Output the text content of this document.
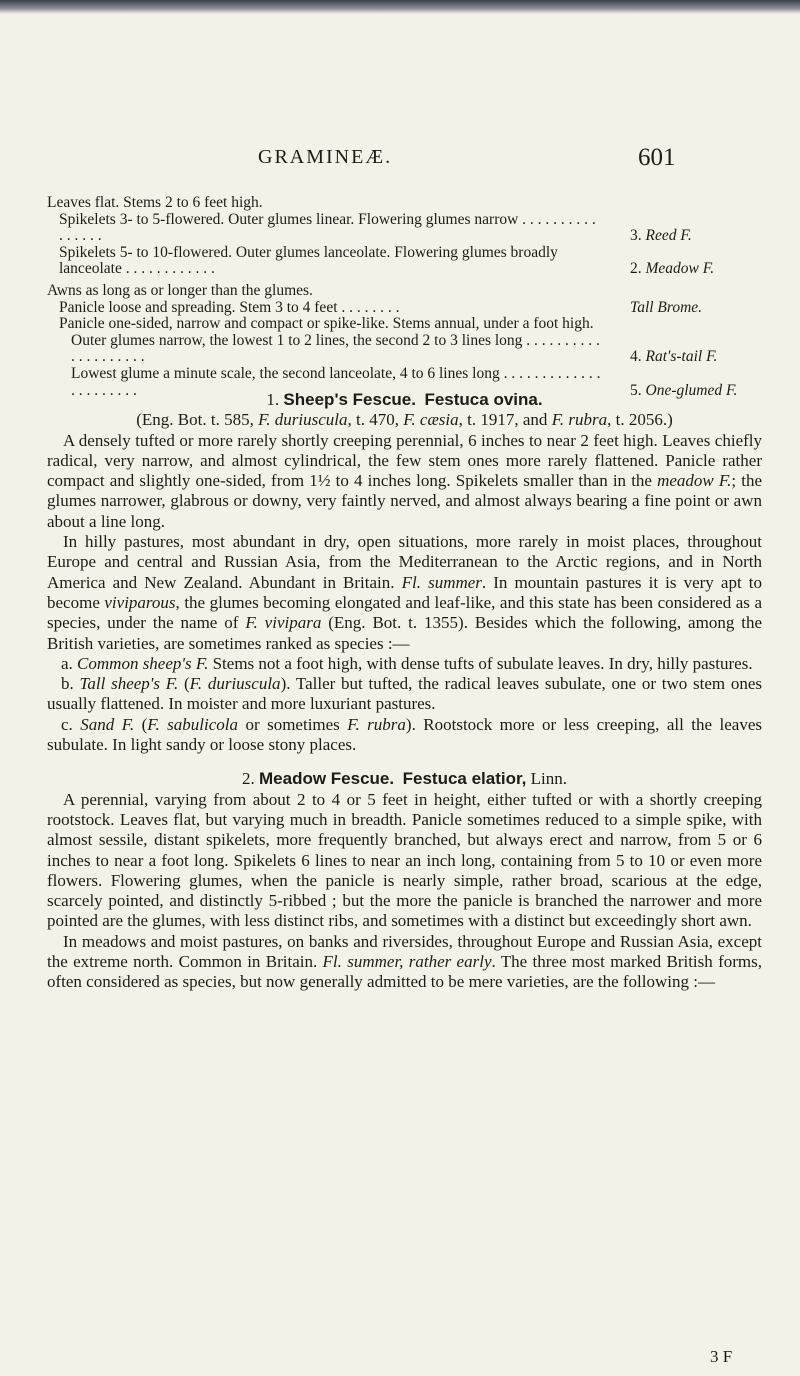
GRAMINEÆ.	601
Leaves flat. Stems 2 to 6 feet high.
Spikelets 3- to 5-flowered. Outer glumes linear. Flowering glumes narrow . . . . . . . . . . . . . . . .	3. Reed F.
Spikelets 5- to 10-flowered. Outer glumes lanceolate. Flowering glumes broadly lanceolate . . . . . . . . . . . .	2. Meadow F.
Awns as long as or longer than the glumes.
Panicle loose and spreading. Stem 3 to 4 feet . . . . . . . .	Tall Brome.
Panicle one-sided, narrow and compact or spike-like. Stems annual, under a foot high.
Outer glumes narrow, the lowest 1 to 2 lines, the second 2 to 3 lines long . . . . . . . . . . . . . . . . . . . .	4. Rat's-tail F.
Lowest glume a minute scale, the second lanceolate, 4 to 6 lines long . . . . . . . . . . . . . . . . . . . . . .	5. One-glumed F.
1. Sheep's Fescue. Festuca ovina.
(Eng. Bot. t. 585, F. duriuscula, t. 470, F. cæsia, t. 1917, and F. rubra, t. 2056.)

A densely tufted or more rarely shortly creeping perennial, 6 inches to near 2 feet high. Leaves chiefly radical, very narrow, and almost cylindrical, the few stem ones more rarely flattened. Panicle rather compact and slightly one-sided, from 1½ to 4 inches long. Spikelets smaller than in the meadow F.; the glumes narrower, glabrous or downy, very faintly nerved, and almost always bearing a fine point or awn about a line long.

In hilly pastures, most abundant in dry, open situations, more rarely in moist places, throughout Europe and central and Russian Asia, from the Mediterranean to the Arctic regions, and in North America and New Zealand. Abundant in Britain. Fl. summer. In mountain pastures it is very apt to become viviparous, the glumes becoming elongated and leaf-like, and this state has been considered as a species, under the name of F. vivipara (Eng. Bot. t. 1355). Besides which the following, among the British varieties, are sometimes ranked as species :—

a. Common sheep's F. Stems not a foot high, with dense tufts of subulate leaves. In dry, hilly pastures.

b. Tall sheep's F. (F. duriuscula). Taller but tufted, the radical leaves subulate, one or two stem ones usually flattened. In moister and more luxuriant pastures.

c. Sand F. (F. sabulicola or sometimes F. rubra). Rootstock more or less creeping, all the leaves subulate. In light sandy or loose stony places.

2. Meadow Fescue. Festuca elatior, Linn.

A perennial, varying from about 2 to 4 or 5 feet in height, either tufted or with a shortly creeping rootstock. Leaves flat, but varying much in breadth. Panicle sometimes reduced to a simple spike, with almost sessile, distant spikelets, more frequently branched, but always erect and narrow, from 5 or 6 inches to near a foot long. Spikelets 6 lines to near an inch long, containing from 5 to 10 or even more flowers. Flowering glumes, when the panicle is nearly simple, rather broad, scarious at the edge, scarcely pointed, and distinctly 5-ribbed ; but the more the panicle is branched the narrower and more pointed are the glumes, with less distinct ribs, and sometimes with a distinct but exceedingly short awn.

In meadows and moist pastures, on banks and riversides, throughout Europe and Russian Asia, except the extreme north. Common in Britain. Fl. summer, rather early. The three most marked British forms, often considered as species, but now generally admitted to be mere varieties, are the following :—

3 F
